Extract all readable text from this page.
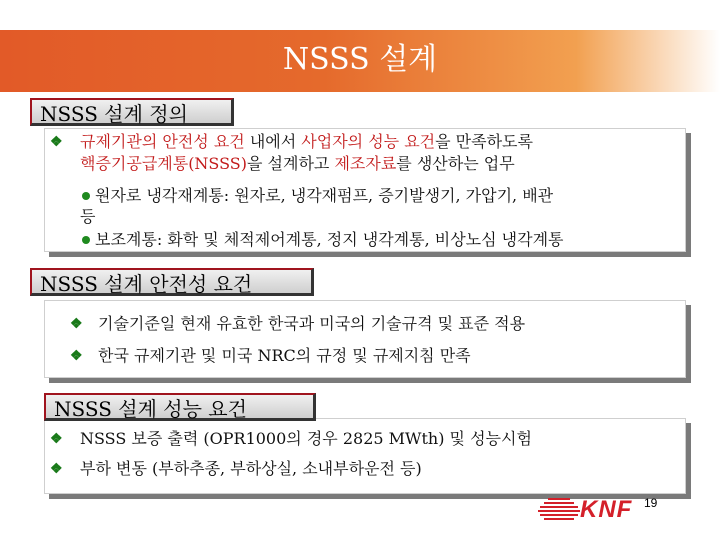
NSSS 설계
NSSS 설계 정의
❖ 규제기관의 안전성 요건 내에서 사업자의 성능 요건을 만족하도록
핵증기공급계통(NSSS)을 설계하고 제조자료를 생산하는 업무
원자로 냉각재계통: 원자로, 냉각재펌프, 증기발생기, 가압기, 배관
등
보조계통: 화학 및 체적제어계통, 정지 냉각계통, 비상노심 냉각계통
NSSS 설계 안전성 요건
❖ 기술기준일 현재 유효한 한국과 미국의 기술규격 및 표준 적용
❖ 한국 규제기관 및 미국 NRC의 규정 및 규제지침 만족
NSSS 설계 성능 요건
❖ NSSS 보증 출력 (OPR1000의 경우 2825 MWth) 및 성능시험
❖ 부하 변동 (부하추종, 부하상실, 소내부하운전 등)
KNF 19
